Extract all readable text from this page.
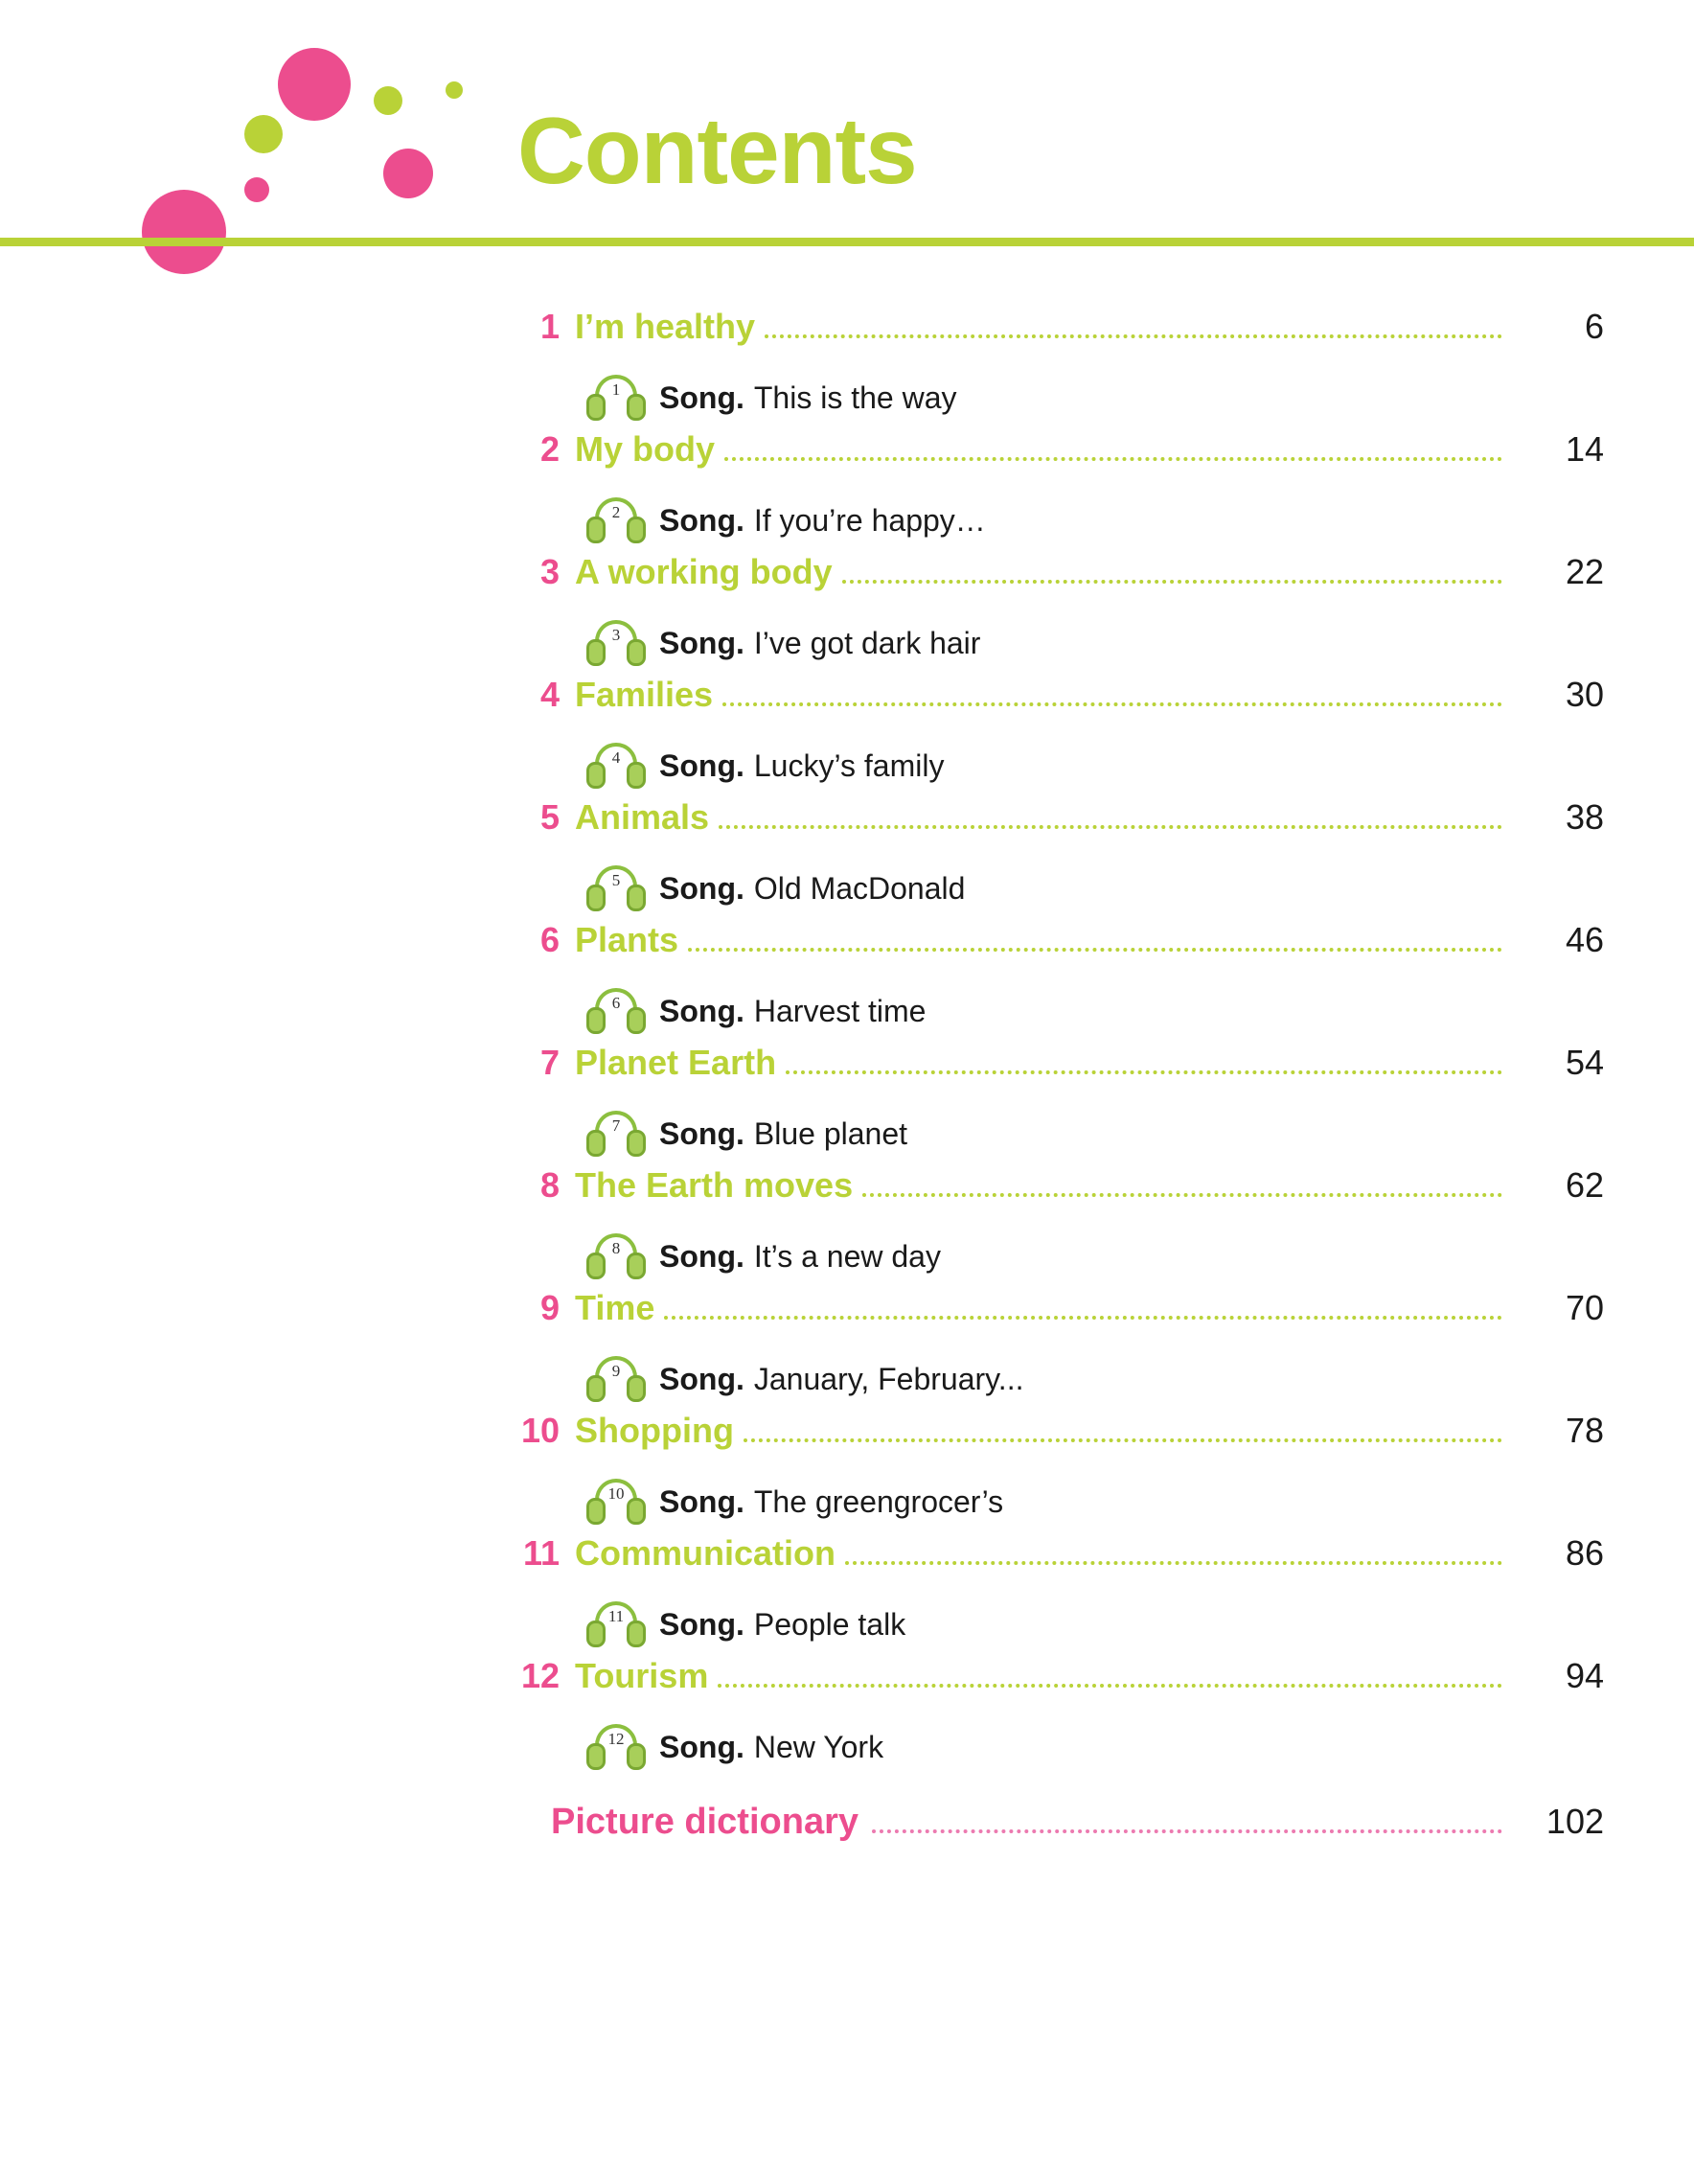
Contents
1 I’m healthy	6
1	Song. This is the way
2 My body	14
2	Song. If you’re happy…
3 A working body	22
3	Song. I’ve got dark hair
4 Families	30
4	Song. Lucky’s family
5 Animals	38
5	Song. Old MacDonald
6 Plants	46
6	Song. Harvest time
7 Planet Earth	54
7	Song. Blue planet
8 The Earth moves	62
8	Song. It’s a new day
9 Time	70
9	Song. January, February...
10 Shopping	78
10	Song. The greengrocer’s
11 Communication	86
11	Song. People talk
12 Tourism	94
12	Song. New York
Picture dictionary	102
